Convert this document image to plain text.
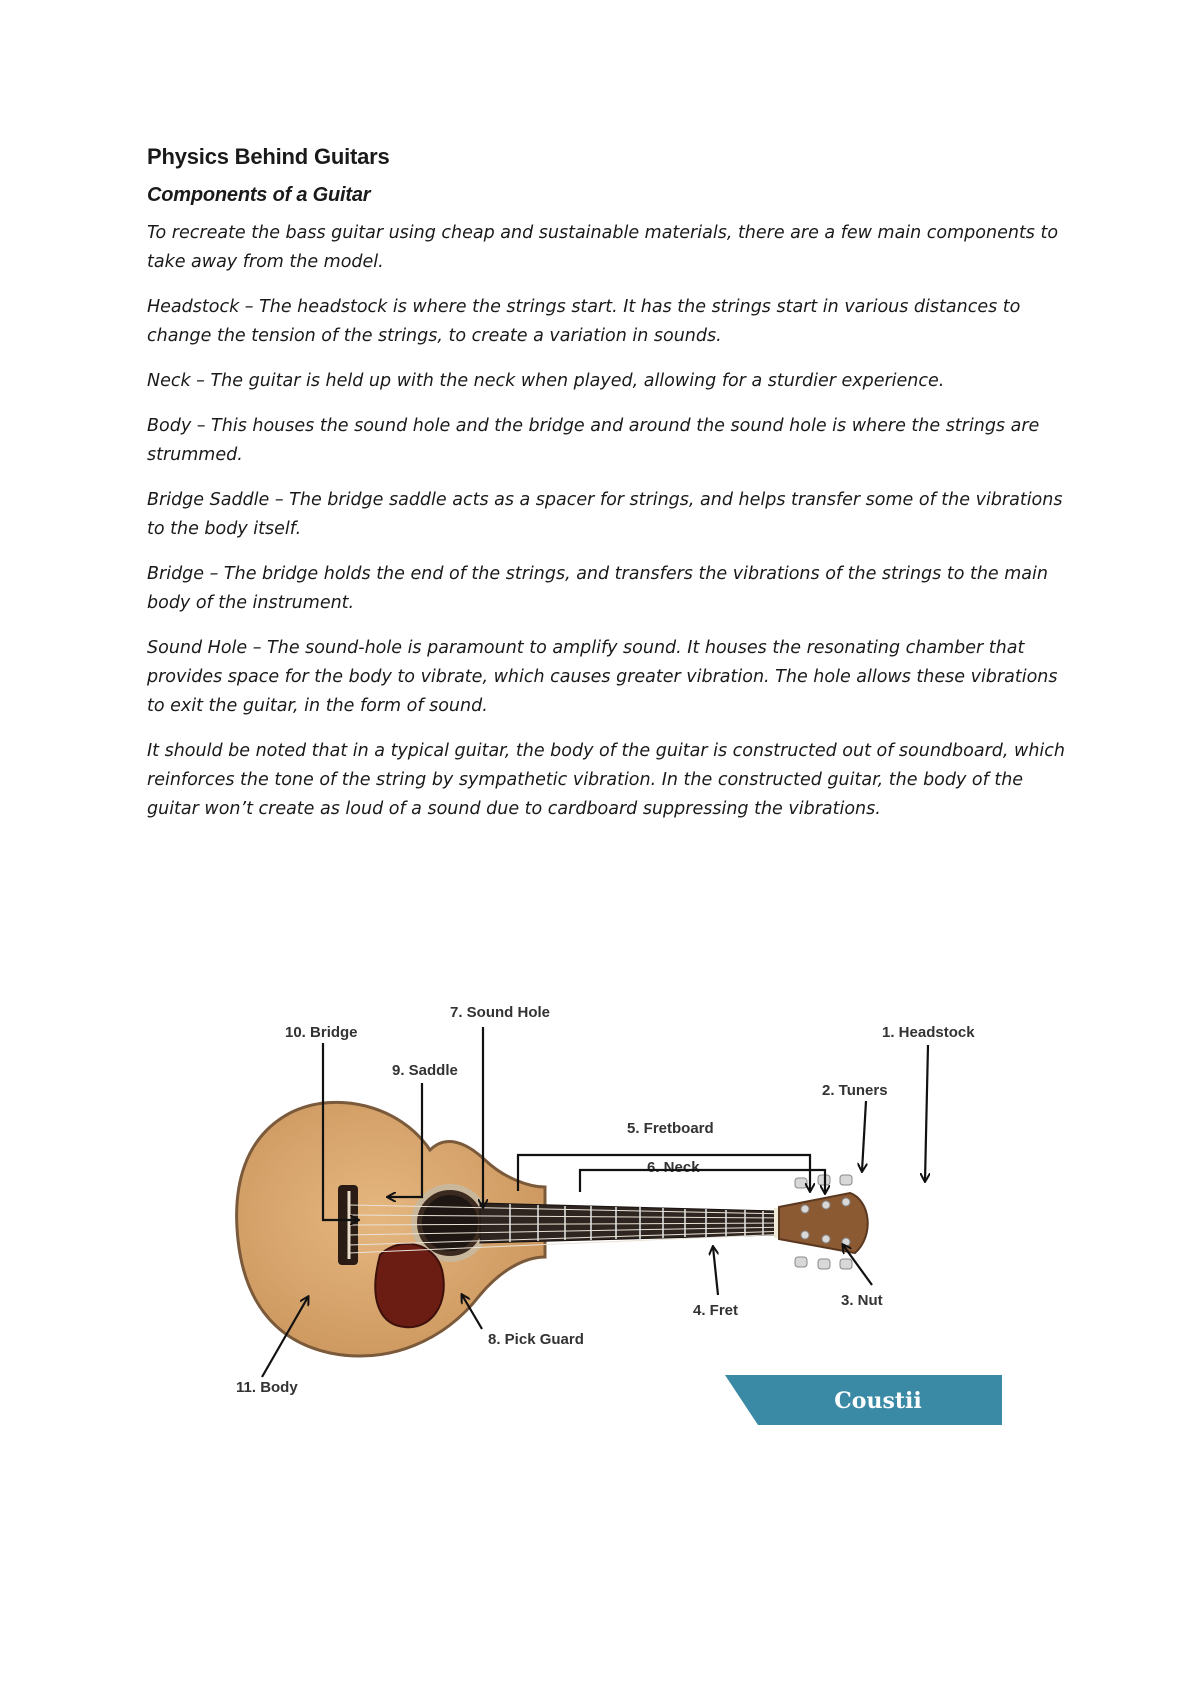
Physics Behind Guitars
Components of a Guitar

To recreate the bass guitar using cheap and sustainable materials, there are a few main components to take away from the model.

Headstock – The headstock is where the strings start. It has the strings start in various distances to change the tension of the strings, to create a variation in sounds.

Neck – The guitar is held up with the neck when played, allowing for a sturdier experience.

Body – This houses the sound hole and the bridge and around the sound hole is where the strings are strummed.

Bridge Saddle – The bridge saddle acts as a spacer for strings, and helps transfer some of the vibrations to the body itself.

Bridge – The bridge holds the end of the strings, and transfers the vibrations of the strings to the main body of the instrument.

Sound Hole – The sound-hole is paramount to amplify sound. It houses the resonating chamber that provides space for the body to vibrate, which causes greater vibration. The hole allows these vibrations to exit the guitar, in the form of sound.

It should be noted that in a typical guitar, the body of the guitar is constructed out of soundboard, which reinforces the tone of the string by sympathetic vibration. In the constructed guitar, the body of the guitar won’t create as loud of a sound due to cardboard suppressing the vibrations.

7. Sound Hole
10. Bridge	1. Headstock
9. Saddle
2. Tuners
5. Fretboard
6. Neck
3. Nut
4. Fret
8. Pick Guard
11. Body
Coustii
